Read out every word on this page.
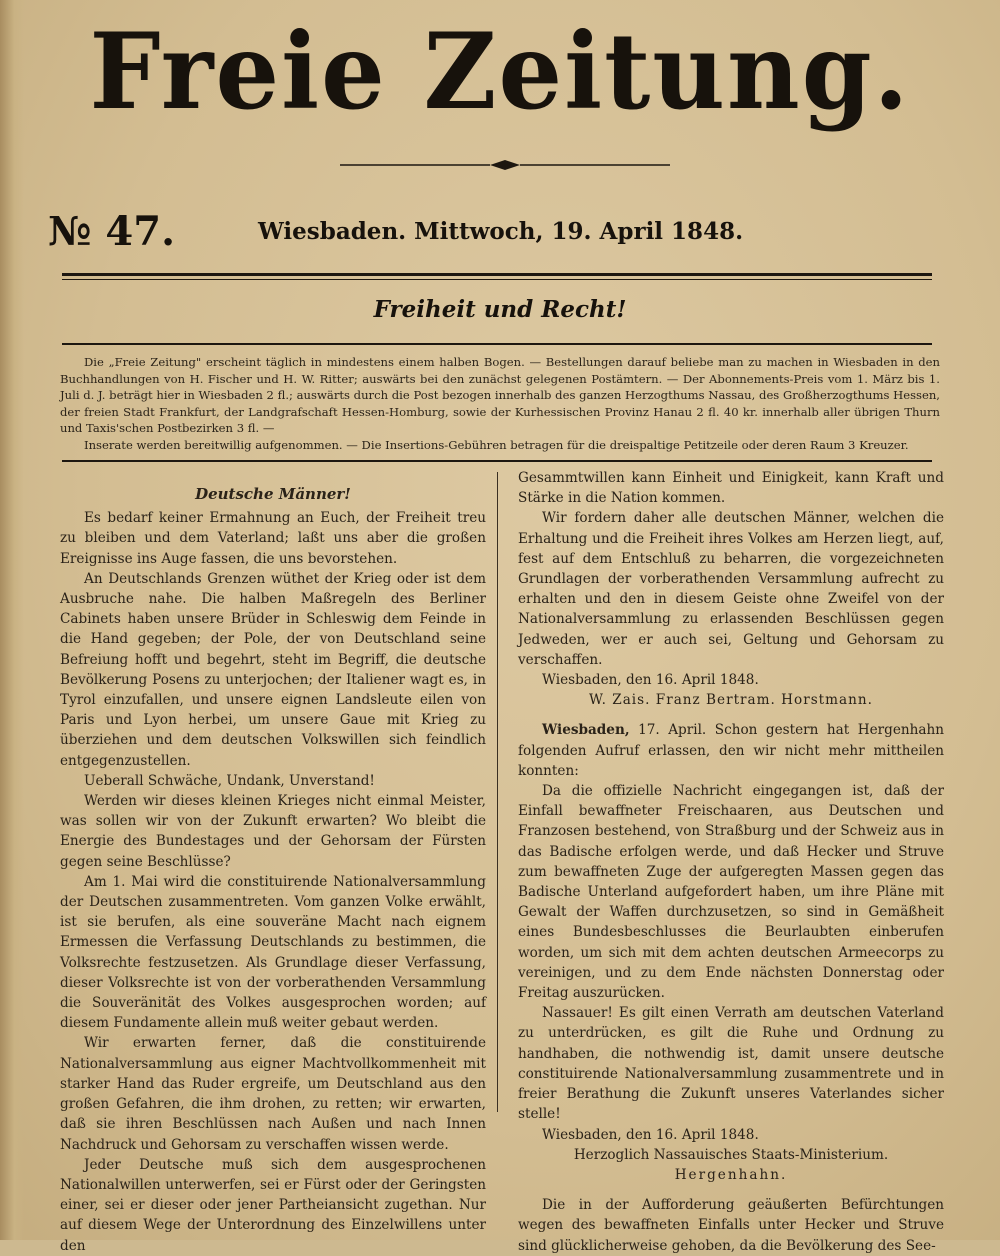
Freie Zeitung.
№ 47.	Wiesbaden. Mittwoch, 19. April 1848.
Freiheit und Recht!

Die „Freie Zeitung" erscheint täglich in mindestens einem halben Bogen. — Bestellungen darauf beliebe man zu machen in Wiesbaden in den Buchhandlungen von H. Fischer und H. W. Ritter; auswärts bei den zunächst gelegenen Postämtern. — Der Abonnements-Preis vom 1. März bis 1. Juli d. J. beträgt hier in Wiesbaden 2 fl.; auswärts durch die Post bezogen innerhalb des ganzen Herzogthums Nassau, des Großherzogthums Hessen, der freien Stadt Frankfurt, der Landgrafschaft Hessen-Homburg, sowie der Kurhessischen Provinz Hanau 2 fl. 40 kr. innerhalb aller übrigen Thurn und Taxis'schen Postbezirken 3 fl. —

Inserate werden bereitwillig aufgenommen. — Die Insertions-Gebühren betragen für die dreispaltige Petitzeile oder deren Raum 3 Kreuzer.

Deutsche Männer!

Es bedarf keiner Ermahnung an Euch, der Freiheit treu zu bleiben und dem Vaterland; laßt uns aber die großen Ereignisse ins Auge fassen, die uns bevorstehen.

An Deutschlands Grenzen wüthet der Krieg oder ist dem Ausbruche nahe. Die halben Maßregeln des Berliner Cabinets haben unsere Brüder in Schleswig dem Feinde in die Hand gegeben; der Pole, der von Deutschland seine Befreiung hofft und begehrt, steht im Begriff, die deutsche Bevölkerung Posens zu unterjochen; der Italiener wagt es, in Tyrol einzufallen, und unsere eignen Landsleute eilen von Paris und Lyon herbei, um unsere Gaue mit Krieg zu überziehen und dem deutschen Volkswillen sich feindlich entgegenzustellen.

Ueberall Schwäche, Undank, Unverstand!

Werden wir dieses kleinen Krieges nicht einmal Meister, was sollen wir von der Zukunft erwarten? Wo bleibt die Energie des Bundestages und der Gehorsam der Fürsten gegen seine Beschlüsse?

Am 1. Mai wird die constituirende Nationalversammlung der Deutschen zusammentreten. Vom ganzen Volke erwählt, ist sie berufen, als eine souveräne Macht nach eignem Ermessen die Verfassung Deutschlands zu bestimmen, die Volksrechte festzusetzen. Als Grundlage dieser Verfassung, dieser Volksrechte ist von der vorberathenden Versammlung die Souveränität des Volkes ausgesprochen worden; auf diesem Fundamente allein muß weiter gebaut werden.

Wir erwarten ferner, daß die constituirende Nationalversammlung aus eigner Machtvollkommenheit mit starker Hand das Ruder ergreife, um Deutschland aus den großen Gefahren, die ihm drohen, zu retten; wir erwarten, daß sie ihren Beschlüssen nach Außen und nach Innen Nachdruck und Gehorsam zu verschaffen wissen werde.

Jeder Deutsche muß sich dem ausgesprochenen Nationalwillen unterwerfen, sei er Fürst oder der Geringsten einer, sei er dieser oder jener Partheiansicht zugethan. Nur auf diesem Wege der Unterordnung des Einzelwillens unter den

Gesammtwillen kann Einheit und Einigkeit, kann Kraft und Stärke in die Nation kommen.

Wir fordern daher alle deutschen Männer, welchen die Erhaltung und die Freiheit ihres Volkes am Herzen liegt, auf, fest auf dem Entschluß zu beharren, die vorgezeichneten Grundlagen der vorberathenden Versammlung aufrecht zu erhalten und den in diesem Geiste ohne Zweifel von der Nationalversammlung zu erlassenden Beschlüssen gegen Jedweden, wer er auch sei, Geltung und Gehorsam zu verschaffen.

Wiesbaden, den 16. April 1848.

W. Zais. Franz Bertram. Horstmann.

Wiesbaden, 17. April. Schon gestern hat Hergenhahn folgenden Aufruf erlassen, den wir nicht mehr mittheilen konnten:

Da die offizielle Nachricht eingegangen ist, daß der Einfall bewaffneter Freischaaren, aus Deutschen und Franzosen bestehend, von Straßburg und der Schweiz aus in das Badische erfolgen werde, und daß Hecker und Struve zum bewaffneten Zuge der aufgeregten Massen gegen das Badische Unterland aufgefordert haben, um ihre Pläne mit Gewalt der Waffen durchzusetzen, so sind in Gemäßheit eines Bundesbeschlusses die Beurlaubten einberufen worden, um sich mit dem achten deutschen Armeecorps zu vereinigen, und zu dem Ende nächsten Donnerstag oder Freitag auszurücken.

Nassauer! Es gilt einen Verrath am deutschen Vaterland zu unterdrücken, es gilt die Ruhe und Ordnung zu handhaben, die nothwendig ist, damit unsere deutsche constituirende Nationalversammlung zusammentrete und in freier Berathung die Zukunft unseres Vaterlandes sicher stelle!

Wiesbaden, den 16. April 1848.

Herzoglich Nassauisches Staats-Ministerium.

Hergenhahn.

Die in der Aufforderung geäußerten Befürchtungen wegen des bewaffneten Einfalls unter Hecker und Struve sind glücklicherweise gehoben, da die Bevölkerung des See-
